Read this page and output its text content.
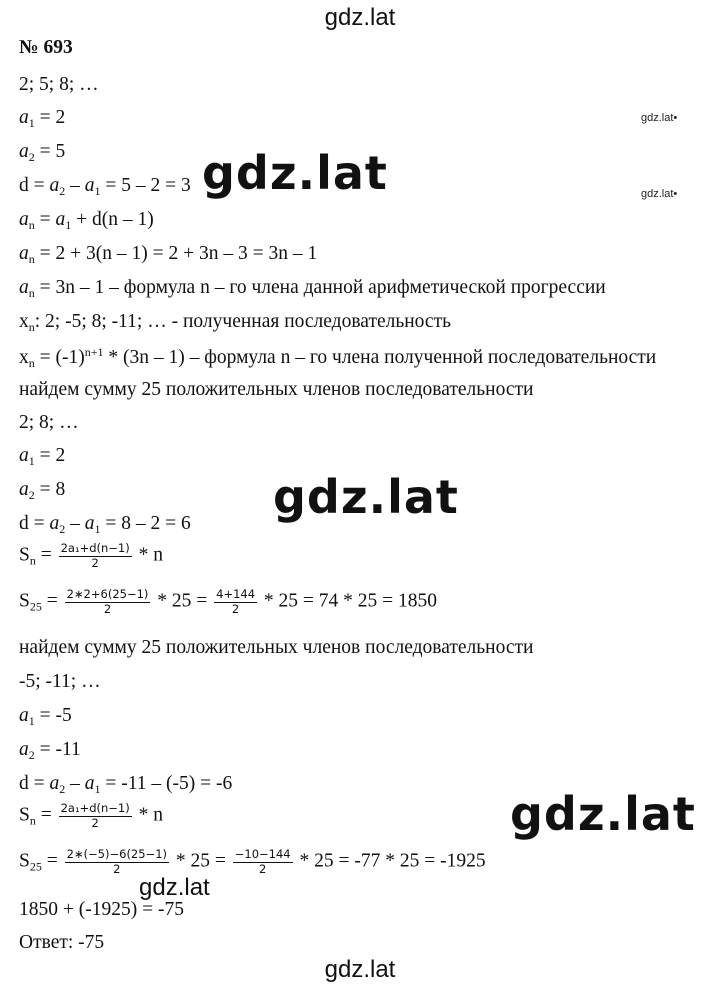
gdz.lat
№ 693
2; 5; 8; …
$a_1 = 2$
$a_2 = 5$
$d = a_2 - a_1 = 5 - 2 = 3$
$a_n = a_1 + d(n - 1)$
$a_n = 2 + 3(n - 1) = 2 + 3n - 3 = 3n - 1$
$a_n = 3n - 1$ – формула n – го члена данной арифметической прогрессии
$x_n$: 2; -5; 8; -11; … - полученная последовательность
$x_n = (-1)^{n+1} * (3n - 1)$ – формула n – го члена полученной последовательности
найдем сумму 25 положительных членов последовательности
2; 8; …
$a_1 = 2$
$a_2 = 8$
$d = a_2 - a_1 = 8 - 2 = 6$
$S_n = \frac{\text{2a₁+d(n−1)}}{2} * n$
$S_{25} = \frac{2∗2+6(25-1)}{2} * 25 = \frac{4+144}{2} * 25 = 74 * 25 = 1850$
найдем сумму 25 положительных членов последовательности
-5; -11; …
$a_1 = -5$
$a_2 = -11$
$d = a_2 - a_1 = -11 - (-5) = -6$
$S_n = \frac{\text{2a₁+d(n−1)}}{2} * n$
$S_{25} = \frac{2∗(-5)-6(25-1)}{2} * 25 = \frac{-10-144}{2} * 25 = -77 * 25 = -1925$
1850 + (-1925) = -75
Ответ: -75
gdz.lat•
gdz.lat•
gdz.lat
gdz.lat
gdz.lat
gdz.lat
gdz.lat
